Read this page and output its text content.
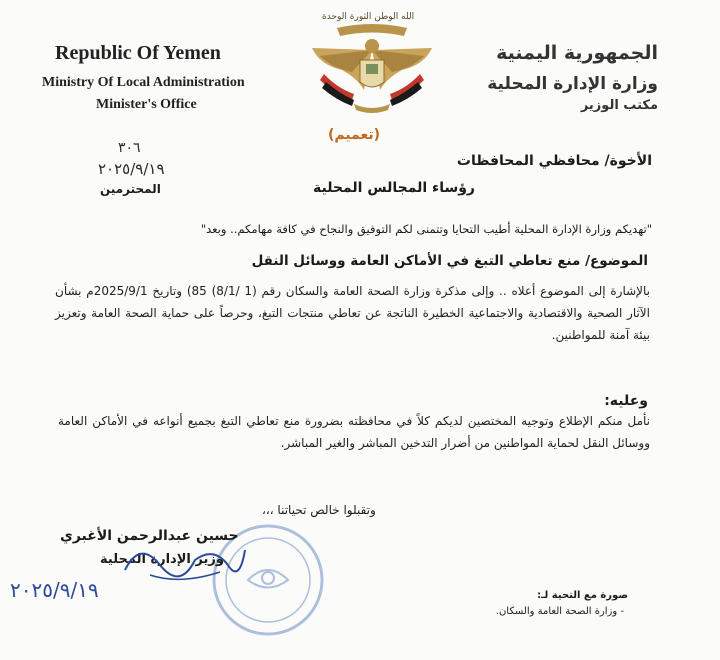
Republic Of Yemen
Ministry Of Local Administration
Minister's Office
الله الوطن الثورة الوحدة
الجمهورية اليمنية
وزارة الإدارة المحلية
مكتب الوزير
(تعميم)
٣٠٦
٢٠٢٥/٩/١٩	الأخوة/ محافظي المحافظات
رؤساء المجالس المحلية
المحترمين
"تهديكم وزارة الإدارة المحلية أطيب التحايا وتتمنى لكم التوفيق والنجاح في كافة مهامكم.. وبعد"
الموضوع/ منع تعاطي التبغ في الأماكن العامة ووسائل النقل
بالإشارة إلى الموضوع أعلاه .. وإلى مذكرة وزارة الصحة العامة والسكان رقم (1 /8/1) 85) وتاريخ 2025/9/1م بشأن الآثار الصحية والاقتصادية والاجتماعية الخطيرة الناتجة عن تعاطي منتجات التبغ، وحرصاً على حماية الصحة العامة وتعزيز بيئة آمنة للمواطنين.
وعليه:
نأمل منكم الإطلاع وتوجيه المختصين لديكم كلاً في محافظته بضرورة منع تعاطي التبغ بجميع أنواعه في الأماكن العامة ووسائل النقل لحماية المواطنين من أضرار التدخين المباشر والغير المباشر.
وتقبلوا خالص تحياتنا ،،،
حسين عبدالرحمن الأغبري
وزير الإدارة المحلية
٢٠٢٥/٩/١٩	صورة مع التحية لـ:
- وزارة الصحة العامة والسكان.
